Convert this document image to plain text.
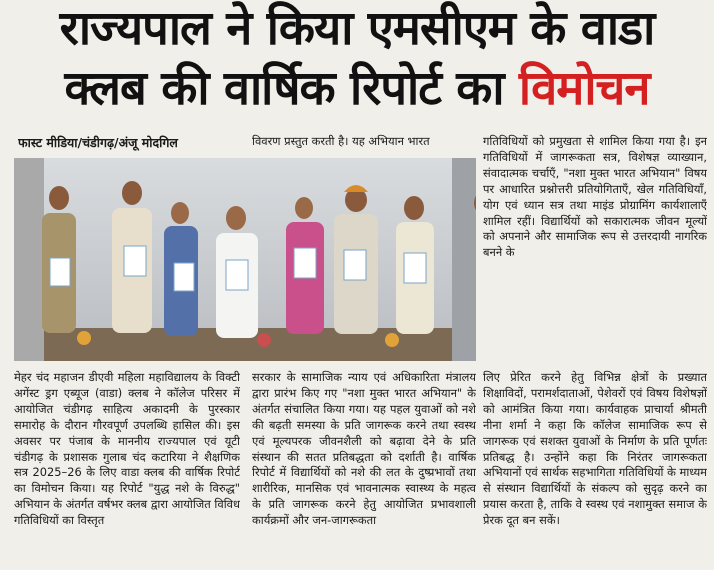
राज्यपाल ने किया एमसीएम के वाडा
क्लब की वार्षिक रिपोर्ट का विमोचन
फास्ट मीडिया/चंडीगढ़/अंजू मोदगिल	विवरण प्रस्तुत करती है। यह अभियान भारत	गतिविधियों को प्रमुखता से शामिल किया गया है। इन गतिविधियों में जागरूकता सत्र, विशेषज्ञ व्याख्यान, संवादात्मक चर्चाएँ, "नशा मुक्त भारत अभियान" विषय पर आधारित प्रश्नोत्तरी प्रतियोगिताएँ, खेल गतिविधियाँ, योग एवं ध्यान सत्र तथा माइंड प्रोग्रामिंग कार्यशालाएँ शामिल रहीं। विद्यार्थियों को सकारात्मक जीवन मूल्यों को अपनाने और सामाजिक रूप से उत्तरदायी नागरिक बनने के

मेहर चंद महाजन डीएवी महिला महाविद्यालय के विक्टी अगेंस्ट ड्रग एब्यूज (वाडा) क्लब ने कॉलेज परिसर में आयोजित चंडीगढ़ साहित्य अकादमी के पुरस्कार समारोह के दौरान गौरवपूर्ण उपलब्धि हासिल की। इस अवसर पर पंजाब के माननीय राज्यपाल एवं यूटी चंडीगढ़ के प्रशासक गुलाब चंद कटारिया ने शैक्षणिक सत्र 2025–26 के लिए वाडा क्लब की वार्षिक रिपोर्ट का विमोचन किया। यह रिपोर्ट "युद्ध नशे के विरुद्ध" अभियान के अंतर्गत वर्षभर क्लब द्वारा आयोजित विविध गतिविधियों का विस्तृत

सरकार के सामाजिक न्याय एवं अधिकारिता मंत्रालय द्वारा प्रारंभ किए गए "नशा मुक्त भारत अभियान" के अंतर्गत संचालित किया गया। यह पहल युवाओं को नशे की बढ़ती समस्या के प्रति जागरूक करने तथा स्वस्थ एवं मूल्यपरक जीवनशैली को बढ़ावा देने के प्रति संस्थान की सतत प्रतिबद्धता को दर्शाती है। वार्षिक रिपोर्ट में विद्यार्थियों को नशे की लत के दुष्प्रभावों तथा शारीरिक, मानसिक एवं भावनात्मक स्वास्थ्य के महत्व के प्रति जागरूक करने हेतु आयोजित प्रभावशाली कार्यक्रमों और जन-जागरूकता

लिए प्रेरित करने हेतु विभिन्न क्षेत्रों के प्रख्यात शिक्षाविदों, परामर्शदाताओं, पेशेवरों एवं विषय विशेषज्ञों को आमंत्रित किया गया। कार्यवाहक प्राचार्या श्रीमती नीना शर्मा ने कहा कि कॉलेज सामाजिक रूप से जागरूक एवं सशक्त युवाओं के निर्माण के प्रति पूर्णतः प्रतिबद्ध है। उन्होंने कहा कि निरंतर जागरूकता अभियानों एवं सार्थक सहभागिता गतिविधियों के माध्यम से संस्थान विद्यार्थियों के संकल्प को सुदृढ़ करने का प्रयास करता है, ताकि वे स्वस्थ एवं नशामुक्त समाज के प्रेरक दूत बन सकें।
